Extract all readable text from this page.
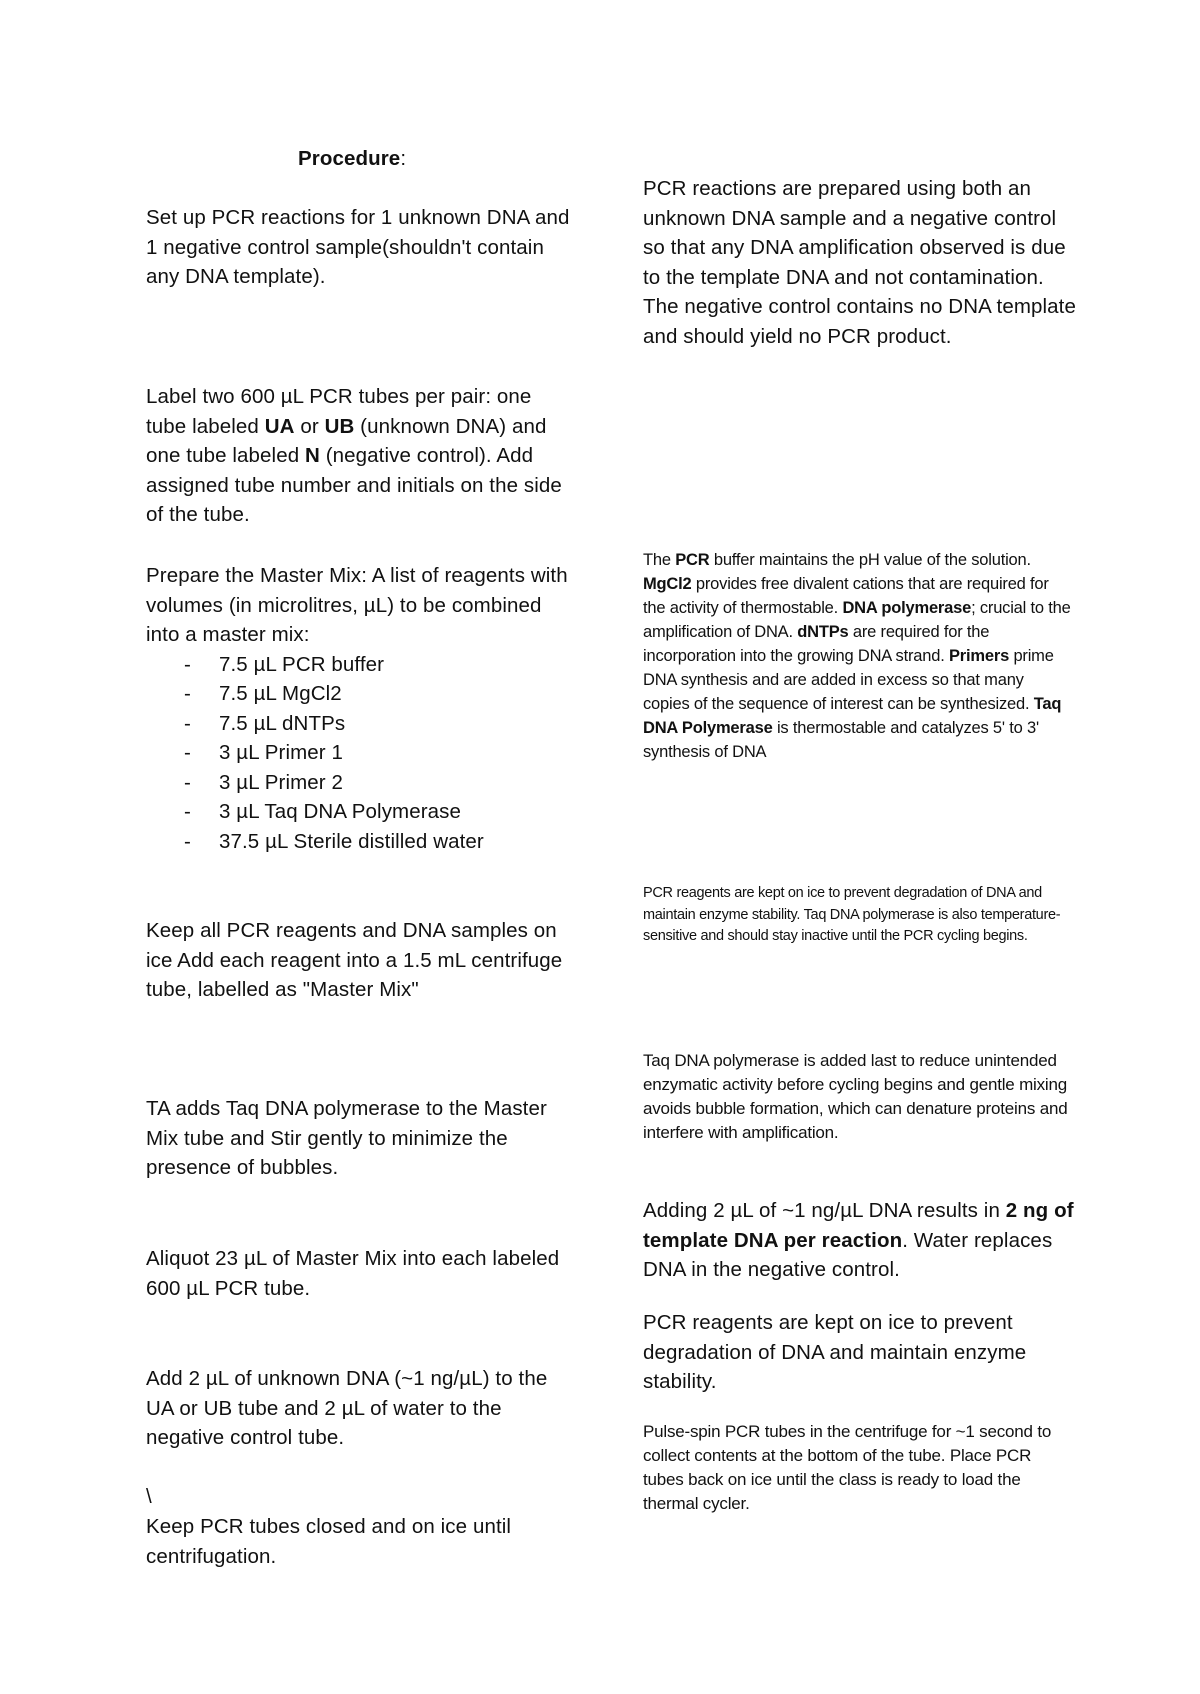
Procedure:

Set up PCR reactions for 1 unknown DNA and 1 negative control sample(shouldn't contain any DNA template).

Label two 600 µL PCR tubes per pair: one tube labeled UA or UB (unknown DNA) and one tube labeled N (negative control). Add assigned tube number and initials on the side of the tube.

Prepare the Master Mix: A list of reagents with volumes (in microlitres, µL) to be combined into a master mix:

- 7.5 µL PCR buffer
- 7.5 µL MgCl2
- 7.5 µL dNTPs
- 3 µL Primer 1
- 3 µL Primer 2
- 3 µL Taq DNA Polymerase
- 37.5 µL Sterile distilled water

Keep all PCR reagents and DNA samples on ice Add each reagent into a 1.5 mL centrifuge tube, labelled as "Master Mix"

TA adds Taq DNA polymerase to the Master Mix tube and Stir gently to minimize the presence of bubbles.

Aliquot 23 µL of Master Mix into each labeled 600 µL PCR tube.

Add 2 µL of unknown DNA (~1 ng/µL) to the UA or UB tube and 2 µL of water to the negative control tube.

\

Keep PCR tubes closed and on ice until centrifugation.

PCR reactions are prepared using both an unknown DNA sample and a negative control so that any DNA amplification observed is due to the template DNA and not contamination. The negative control contains no DNA template and should yield no PCR product.

The PCR buffer maintains the pH value of the solution. MgCl2 provides free divalent cations that are required for the activity of thermostable. DNA polymerase; crucial to the amplification of DNA. dNTPs are required for the incorporation into the growing DNA strand. Primers prime DNA synthesis and are added in excess so that many copies of the sequence of interest can be synthesized. Taq DNA Polymerase is thermostable and catalyzes 5' to 3' synthesis of DNA

PCR reagents are kept on ice to prevent degradation of DNA and maintain enzyme stability. Taq DNA polymerase is also temperature-sensitive and should stay inactive until the PCR cycling begins.

Taq DNA polymerase is added last to reduce unintended enzymatic activity before cycling begins and gentle mixing avoids bubble formation, which can denature proteins and interfere with amplification.

Adding 2 µL of ~1 ng/µL DNA results in 2 ng of template DNA per reaction. Water replaces DNA in the negative control.

PCR reagents are kept on ice to prevent degradation of DNA and maintain enzyme stability.

Pulse-spin PCR tubes in the centrifuge for ~1 second to collect contents at the bottom of the tube. Place PCR tubes back on ice until the class is ready to load the thermal cycler.
